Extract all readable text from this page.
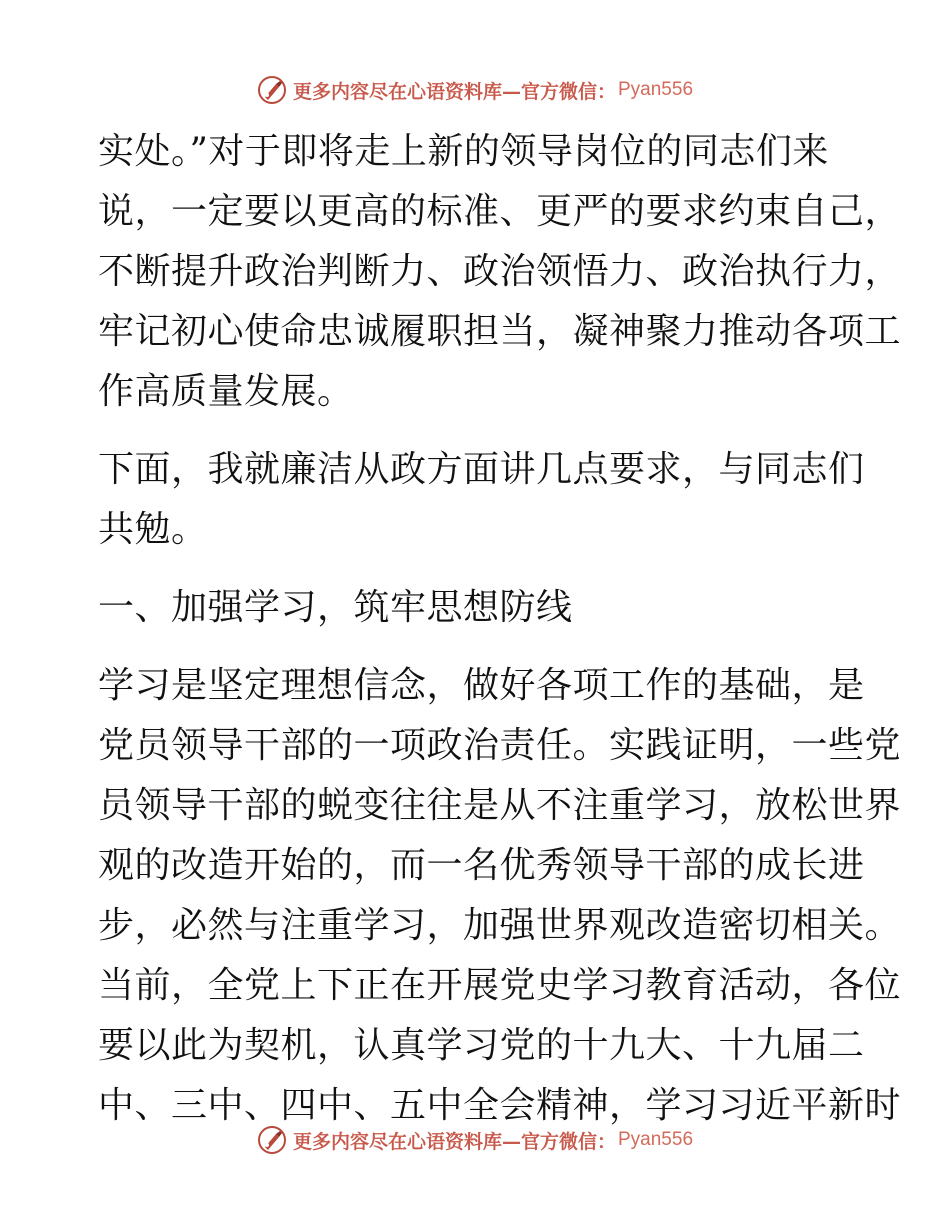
更多内容尽在心语资料库—官方微信： Pyan556
实处。”对于即将走上新的领导岗位的同志们来
说，一定要以更高的标准、更严的要求约束自己，
不断提升政治判断力、政治领悟力、政治执行力，
牢记初心使命忠诚履职担当，凝神聚力推动各项工
作高质量发展。
下面，我就廉洁从政方面讲几点要求，与同志们
共勉。
一、加强学习，筑牢思想防线
学习是坚定理想信念，做好各项工作的基础，是
党员领导干部的一项政治责任。实践证明，一些党
员领导干部的蜕变往往是从不注重学习，放松世界
观的改造开始的，而一名优秀领导干部的成长进
步，必然与注重学习，加强世界观改造密切相关。
当前，全党上下正在开展党史学习教育活动，各位
要以此为契机，认真学习党的十九大、十九届二
中、三中、四中、五中全会精神，学习习近平新时
更多内容尽在心语资料库—官方微信： Pyan556
